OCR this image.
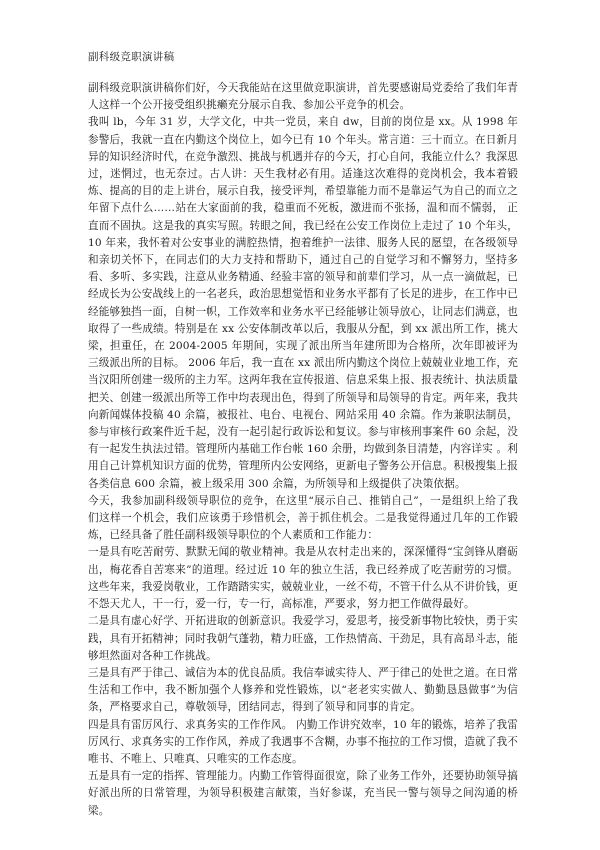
副科级竞职演讲稿

副科级竞职演讲稿你们好，今天我能站在这里做竞职演讲，首先要感谢局党委给了我们年青人这样一个公开接受组织挑癞充分展示自我、参加公平竞争的机会。

我叫 lb，今年 31 岁，大学文化，中共一党员，来自 dw，目前的岗位是 xx。从 1998 年参警后，我就一直在内勤这个岗位上，如今已有 10 个年头。常言道：三十而立。在日新月异的知识经济时代，在竞争激烈、挑战与机遇并存的今天，打心自问，我能立什么？我深思过，迷惘过，也无奈过。古人讲：天生我材必有用。适逢这次难得的竞岗机会，我本着锻炼、提高的目的走上讲台，展示自我，接受评判，希望靠能力而不是靠运气为自己的而立之年留下点什么……站在大家面前的我，稳重而不死板，激进而不张扬，温和而不懦弱， 正直而不固执。这是我的真实写照。转眼之间，我已经在公安工作岗位上走过了 10 个年头，10 年来，我怀着对公安事业的满腔热情，抱着维护一法律、服务人民的愿望，在各级领导和亲切关怀下，在同志们的大力支持和帮助下，通过自己的自觉学习和不懈努力，坚持多看、多听、多实践，注意从业务精通、经验丰富的领导和前辈们学习，从一点一滴做起，已经成长为公安战线上的一名老兵，政治思想觉悟和业务水平都有了长足的进步，在工作中已经能够独挡一面，自树一帜，工作效率和业务水平已经能够让领导放心，让同志们满意，也取得了一些成绩。特别是在 xx 公安体制改革以后，我服从分配，到 xx 派出所工作，挑大梁，担重任，在 2004-2005 年期间，实现了派出所当年建所即为合格所，次年即被评为三级派出所的目标。 2006 年后，我一直在 xx 派出所内勤这个岗位上兢兢业业地工作，充当汉阳所创建一级所的主力军。这两年我在宣传报道、信息采集上报、报表统计、执法质量把关、创建一级派出所等工作中均表现出色，得到了所领导和局领导的肯定。两年来，我共向新闻媒体投稿 40 余篇，被报社、电台、电视台、网站采用 40 余篇。作为兼职法制员，参与审核行政案件近千起，没有一起引起行政诉讼和复议。参与审核刑事案件 60 余起，没有一起发生执法过错。管理所内基础工作台帐 160 余册，均做到条目清楚，内容详实 。利用自己计算机知识方面的优势，管理所内公安网络，更新电子警务公开信息。积极搜集上报各类信息 600 余篇，被上级采用 300 余篇，为所领导和上级提供了决策依据。

今天，我参加副科级领导职位的竞争，在这里“展示自己、推销自己”，一是组织上给了我们这样一个机会，我们应该勇于珍惜机会，善于抓住机会。二是我觉得通过几年的工作锻炼，已经具备了胜任副科级领导职位的个人素质和工作能力：

一是具有吃苦耐劳、默默无闻的敬业精神。我是从农村走出来的，深深懂得“宝剑锋从磨砺出，梅花香自苦寒来”的道理。经过近 10 年的独立生活，我已经养成了吃苦耐劳的习惯。这些年来，我爱岗敬业，工作踏踏实实，兢兢业业，一丝不苟，不管干什么从不讲价钱，更不怨天尤人，干一行，爱一行，专一行，高标准，严要求，努力把工作做得最好。

二是具有虚心好学、开拓进取的创新意识。我爱学习，爱思考，接受新事物比较快，勇于实践，具有开拓精神；同时我朝气蓬勃，精力旺盛，工作热情高、干劲足，具有高昂斗志，能够坦然面对各种工作挑战。

三是具有严于律己、诚信为本的优良品质。我信奉诚实待人、严于律己的处世之道。在日常生活和工作中，我不断加强个人修养和党性锻炼，以“老老实实做人、勤勤恳恳做事”为信条，严格要求自己，尊敬领导，团结同志，得到了领导和同事的肯定。

四是具有雷厉风行、求真务实的工作作风。 内勤工作讲究效率，10 年的锻炼，培养了我雷厉风行、求真务实的工作作风，养成了我遇事不含糊，办事不拖拉的工作习惯，造就了我不唯书、不唯上、只唯真、只唯实的工作态度。

五是具有一定的指挥、管理能力。内勤工作管得面很宽，除了业务工作外，还要协助领导搞好派出所的日常管理，为领导积极建言献策，当好参谋，充当民一警与领导之间沟通的桥梁。
